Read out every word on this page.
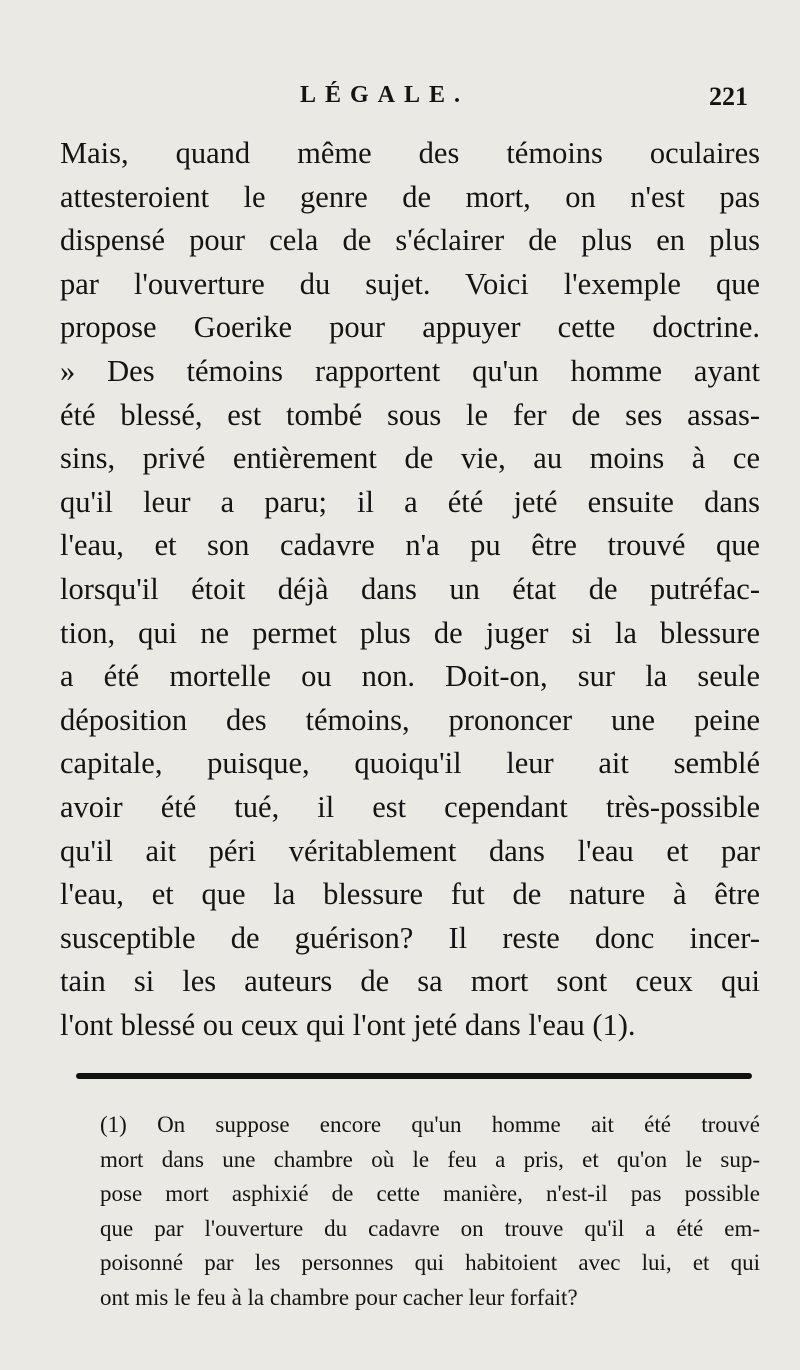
LÉGALE.	221
Mais, quand même des témoins oculaires
attesteroient le genre de mort, on n'est pas
dispensé pour cela de s'éclairer de plus en plus
par l'ouverture du sujet. Voici l'exemple que
propose Goerike pour appuyer cette doctrine.
» Des témoins rapportent qu'un homme ayant
été blessé, est tombé sous le fer de ses assas-
sins, privé entièrement de vie, au moins à ce
qu'il leur a paru; il a été jeté ensuite dans
l'eau, et son cadavre n'a pu être trouvé que
lorsqu'il étoit déjà dans un état de putréfac-
tion, qui ne permet plus de juger si la blessure
a été mortelle ou non. Doit-on, sur la seule
déposition des témoins, prononcer une peine
capitale, puisque, quoiqu'il leur ait semblé
avoir été tué, il est cependant très-possible
qu'il ait péri véritablement dans l'eau et par
l'eau, et que la blessure fut de nature à être
susceptible de guérison? Il reste donc incer-
tain si les auteurs de sa mort sont ceux qui
l'ont blessé ou ceux qui l'ont jeté dans l'eau (1).
(1) On suppose encore qu'un homme ait été trouvé
mort dans une chambre où le feu a pris, et qu'on le sup-
pose mort asphixié de cette manière, n'est-il pas possible
que par l'ouverture du cadavre on trouve qu'il a été em-
poisonné par les personnes qui habitoient avec lui, et qui
ont mis le feu à la chambre pour cacher leur forfait?
